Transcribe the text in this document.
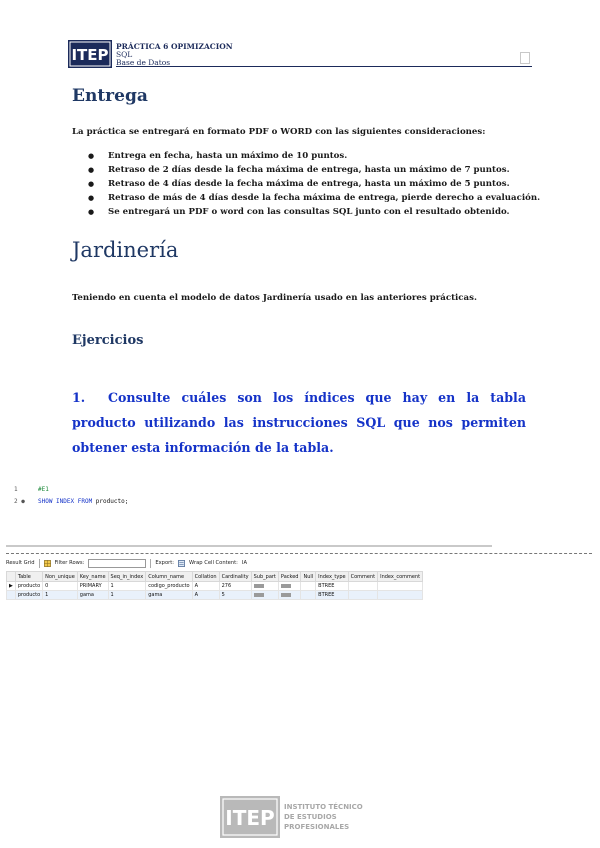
ITEP PRÁCTICA 6 OPIMIZACION
SQL
Base de Datos
Entrega

La práctica se entregará en formato PDF o WORD con las siguientes consideraciones:

● Entrega en fecha, hasta un máximo de 10 puntos.
● Retraso de 2 días desde la fecha máxima de entrega, hasta un máximo de 7 puntos.
● Retraso de 4 días desde la fecha máxima de entrega, hasta un máximo de 5 puntos.
● Retraso de más de 4 días desde la fecha máxima de entrega, pierde derecho a evaluación.
● Se entregará un PDF o word con las consultas SQL junto con el resultado obtenido.
Jardinería

Teniendo en cuenta el modelo de datos Jardinería usado en las anteriores prácticas.

Ejercicios

1. Consulte cuáles son los índices que hay en la tabla producto utilizando las instrucciones SQL que nos permiten obtener esta información de la tabla.

1	#E1
2 ● SHOW INDEX FROM producto;
Result Grid	Filter Rows:	Export:	Wrap Cell Content: IA
	Table	Non_unique	Key_name	Seq_in_index	Column_name	Collation	Cardinality	Sub_part	Packed	Null	Index_type	Comment	Index_comment
▶	producto	0	PRIMARY	1	codigo_producto	A	276				BTREE		
	producto	1	gama	1	gama	A	5				BTREE		
ITEP INSTITUTO TÉCNICO
DE ESTUDIOS
PROFESIONALES
